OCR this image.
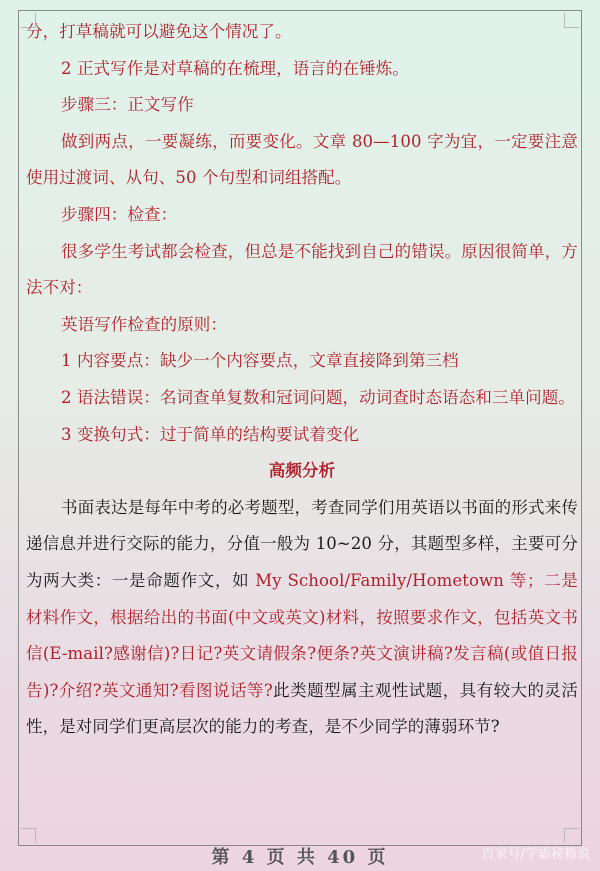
分，打草稿就可以避免这个情况了。

2 正式写作是对草稿的在梳理，语言的在锤炼。

步骤三：正文写作

做到两点，一要凝练，而要变化。文章 80—100 字为宜，一定要注意使用过渡词、从句、50 个句型和词组搭配。

步骤四：检查：

很多学生考试都会检查，但总是不能找到自己的错误。原因很简单，方法不对：

英语写作检查的原则：

1 内容要点：缺少一个内容要点，文章直接降到第三档

2 语法错误：名词查单复数和冠词问题，动词查时态语态和三单问题。

3 变换句式：过于简单的结构要试着变化

高频分析

书面表达是每年中考的必考题型，考查同学们用英语以书面的形式来传递信息并进行交际的能力，分值一般为 10~20 分，其题型多样，主要可分为两大类：一是命题作文，如 My School/Family/Hometown 等；二是材料作文，根据给出的书面(中文或英文)材料，按照要求作文，包括英文书信(E-mail?感谢信)?日记?英文请假条?便条?英文演讲稿?发言稿(或值日报告)?介绍?英文通知?看图说话等?此类题型属主观性试题，具有较大的灵活性，是对同学们更高层次的能力的考查，是不少同学的薄弱环节?

第 4 页 共 40 页	百家号/学霸秘籍说
